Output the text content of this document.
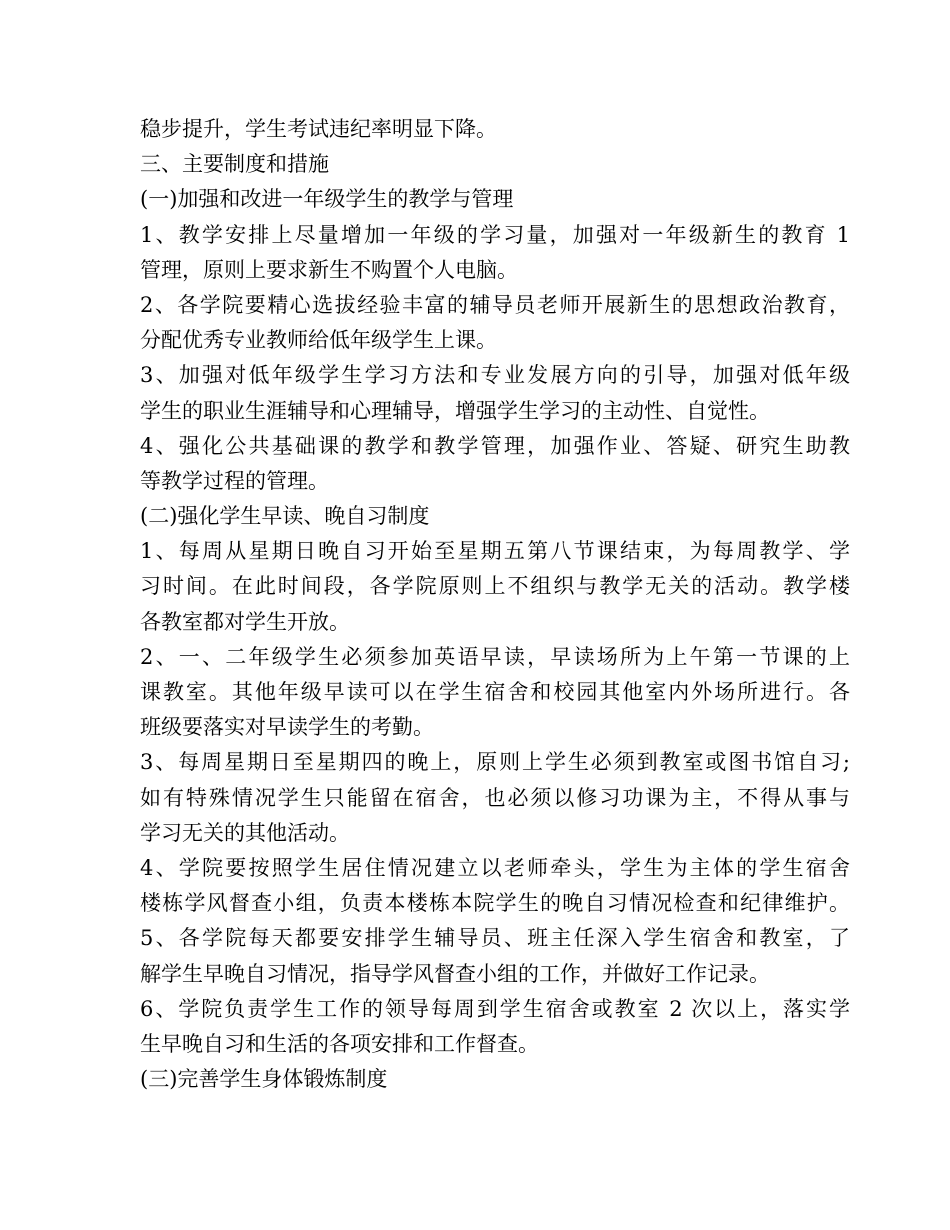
稳步提升，学生考试违纪率明显下降。
三、主要制度和措施
(一)加强和改进一年级学生的教学与管理
1、教学安排上尽量增加一年级的学习量，加强对一年级新生的教育 1
管理，原则上要求新生不购置个人电脑。
2、各学院要精心选拔经验丰富的辅导员老师开展新生的思想政治教育，
分配优秀专业教师给低年级学生上课。
3、加强对低年级学生学习方法和专业发展方向的引导，加强对低年级
学生的职业生涯辅导和心理辅导，增强学生学习的主动性、自觉性。
4、强化公共基础课的教学和教学管理，加强作业、答疑、研究生助教
等教学过程的管理。
(二)强化学生早读、晚自习制度
1、每周从星期日晚自习开始至星期五第八节课结束，为每周教学、学
习时间。在此时间段，各学院原则上不组织与教学无关的活动。教学楼
各教室都对学生开放。
2、一、二年级学生必须参加英语早读，早读场所为上午第一节课的上
课教室。其他年级早读可以在学生宿舍和校园其他室内外场所进行。各
班级要落实对早读学生的考勤。
3、每周星期日至星期四的晚上，原则上学生必须到教室或图书馆自习;
如有特殊情况学生只能留在宿舍，也必须以修习功课为主，不得从事与
学习无关的其他活动。
4、学院要按照学生居住情况建立以老师牵头，学生为主体的学生宿舍
楼栋学风督查小组，负责本楼栋本院学生的晚自习情况检查和纪律维护。
5、各学院每天都要安排学生辅导员、班主任深入学生宿舍和教室，了
解学生早晚自习情况，指导学风督查小组的工作，并做好工作记录。
6、学院负责学生工作的领导每周到学生宿舍或教室 2 次以上，落实学
生早晚自习和生活的各项安排和工作督查。
(三)完善学生身体锻炼制度
